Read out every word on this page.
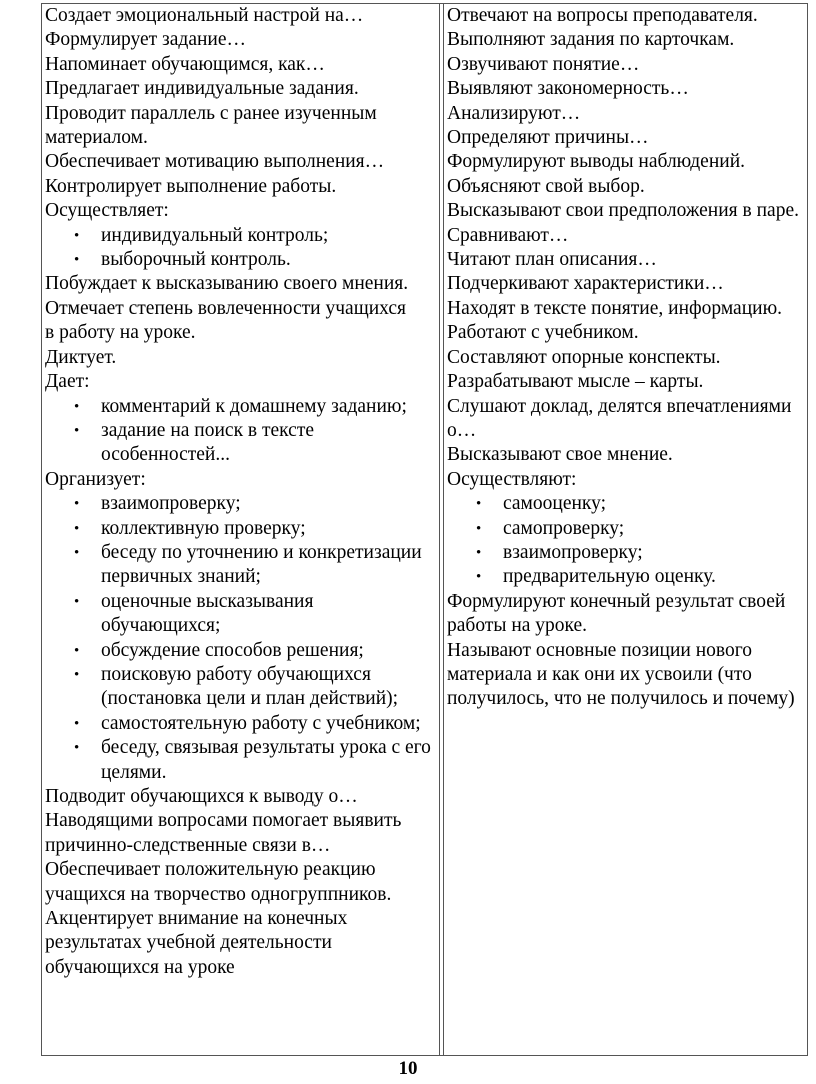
Создает эмоциональный настрой на…
Формулирует задание…
Напоминает обучающимся, как…
Предлагает индивидуальные задания.
Проводит параллель с ранее изученным материалом.
Обеспечивает мотивацию выполнения…
Контролирует выполнение работы.
Осуществляет:
• индивидуальный контроль;
• выборочный контроль.
Побуждает к высказыванию своего мнения.
Отмечает степень вовлеченности учащихся
в работу на уроке.
Диктует.
Дает:
• комментарий к домашнему заданию;
• задание на поиск в тексте особенностей...
Организует:
• взаимопроверку;
• коллективную проверку;
• беседу по уточнению и конкретизации первичных знаний;
• оценочные высказывания обучающихся;
• обсуждение способов решения;
• поисковую работу обучающихся (постановка цели и план действий);
• самостоятельную работу с учебником;
• беседу, связывая результаты урока с его целями.
Подводит обучающихся к выводу о…
Наводящими вопросами помогает выявить причинно-следственные связи в…
Обеспечивает положительную реакцию учащихся на творчество одногруппников.
Акцентирует внимание на конечных результатах учебной деятельности обучающихся на уроке
Отвечают на вопросы преподавателя.
Выполняют задания по карточкам.
Озвучивают понятие…
Выявляют закономерность…
Анализируют…
Определяют причины…
Формулируют выводы наблюдений.
Объясняют свой выбор.
Высказывают свои предположения в паре.
Сравнивают…
Читают план описания…
Подчеркивают характеристики…
Находят в тексте понятие, информацию.
Работают с учебником.
Составляют опорные конспекты.
Разрабатывают мысле – карты.
Слушают доклад, делятся впечатлениями о…
Высказывают свое мнение.
Осуществляют:
• самооценку;
• самопроверку;
• взаимопроверку;
• предварительную оценку.
Формулируют конечный результат своей работы на уроке.
Называют основные позиции нового материала и как они их усвоили (что получилось, что не получилось и почему)
10
